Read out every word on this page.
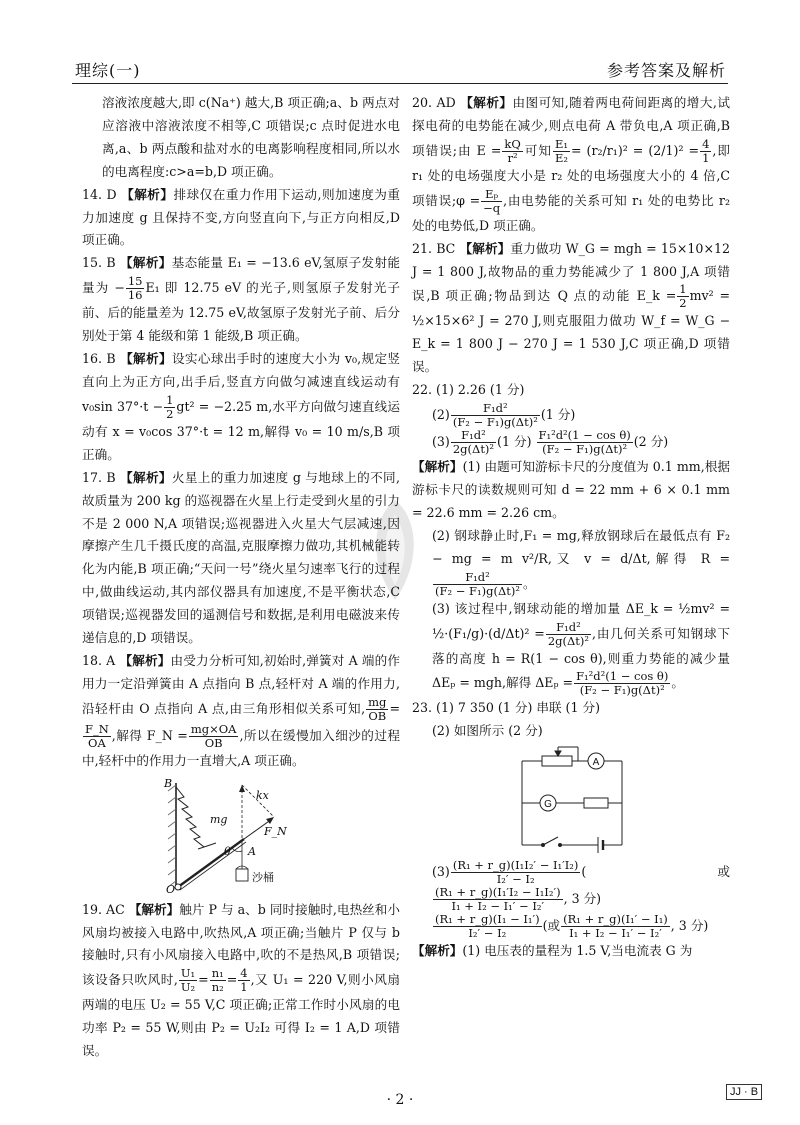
理综(一)	参考答案及解析

溶液浓度越大,即 c(Na⁺) 越大,B 项正确;a、b 两点对应溶液中溶液浓度不相等,C 项错误;c 点时促进水电离,a、b 两点酸和盐对水的电离影响程度相同,所以水的电离程度:c>a=b,D 项正确。

14. D 【解析】排球仅在重力作用下运动,则加速度为重力加速度 g 且保持不变,方向竖直向下,与正方向相反,D 项正确。

15. B 【解析】基态能量 E₁ = −13.6 eV,氢原子发射能量为 − $\frac{15}{16} E_1$ 即 12.75 eV 的光子,则氢原子发射光子前、后的能量差为 12.75 eV,故氢原子发射光子前、后分别处于第 4 能级和第 1 能级,B 项正确。

16. B 【解析】设实心球出手时的速度大小为 v₀,规定竖直向上为正方向,出手后,竖直方向做匀减速直线运动有 v₀sin $37^\circ\cdot t - \frac{1}{2} gt^2 = -2.25$ m,水平方向做匀速直线运动有 x = v₀cos 37°·t = 12 m,解得 v₀ = 10 m/s,B 项正确。

17. B 【解析】火星上的重力加速度 g 与地球上的不同,故质量为 200 kg 的巡视器在火星上行走受到火星的引力不是 2 000 N,A 项错误;巡视器进入火星大气层减速,因摩擦产生几千摄氏度的高温,克服摩擦力做功,其机械能转化为内能,B 项正确;“天问一号”绕火星匀速率飞行的过程中,做曲线运动,其内部仪器具有加速度,不是平衡状态,C 项错误;巡视器发回的遥测信号和数据,是利用电磁波来传递信息的,D 项错误。

18. A 【解析】由受力分析可知,初始时,弹簧对 A 端的作用力一定沿弹簧由 A 点指向 B 点,轻杆对 A 端的作用力,沿轻杆由 O 点指向 A 点,由三角形相似关系可知, $\frac{mg}{OB}$ =
$\frac{F\_N}{OA}$ ,解得 F_N = $\frac{mg\times OA}{OB}$ ,所以在缓慢加入细沙的过程中,轻杆中的作用力一直增大,A 项正确。

B
kx
mg
F_N
θ A
O
沙桶

19. AC 【解析】触片 P 与 a、b 同时接触时,电热丝和小风扇均被接入电路中,吹热风,A 项正确;当触片 P 仅与 b 接触时,只有小风扇接入电路中,吹的不是热风,B 项错误;该设备只吹风时, $\frac{\text{U₁}}{\text{U₂}} = \frac{\text{n₁}}{\text{n₂}} = \frac{4}{1}$ ,又 U₁ = 220 V,则小风扇两端的电压 U₂ = 55 V,C 项正确;正常工作时小风扇的电功率 P₂ = 55 W,则由 P₂ = U₂I₂ 可得 I₂ = 1 A,D 项错误。

20. AD 【解析】由图可知,随着两电荷间距离的增大,试探电荷的电势能在减少,则点电荷 A 带负电,A 项正确,B 项错误;由 $E = \frac{kQ}{\text{r²}}$ 可知 $\frac{\text{E₁}}{\text{E₂}} = (r_2/r_1)^2 = (2/1)^2 = \frac{4}{1}$ ,即 r₁ 处的电场强度大小是 r₂ 处的电场强度大小的 4 倍,C 项错误;φ = $\frac{\text{Eₚ}}{-q}$ ,由电势能的关系可知 r₁ 处的电势比 r₂ 处的电势低,D 项正确。

21. BC 【解析】重力做功 W_G = mgh = 15×10×12 J = 1 800 J,故物品的重力势能减少了 1 800 J,A 项错误,B 项正确;物品到达 Q 点的动能 E_k = $\frac{1}{2} mv^2$ = ½×15×6² J = 270 J,则克服阻力做功 W_f = W_G − E_k = 1 800 J − 270 J = 1 530 J,C 项正确,D 项错误。

22. (1) 2.26 (1 分)

$(2) \frac{\text{F₁d²}}{\text{(F₂ − F₁)g(Δt)²}} (1$ 分)

$(3) \frac{\text{F₁d²}}{\text{2g(Δt)²}} (1$ 分) $\frac{\text{F₁²d²(1 − cos θ)}}{\text{(F₂ − F₁)g(Δt)²}} (2$ 分)

【解析】(1) 由题可知游标卡尺的分度值为 0.1 mm,根据游标卡尺的读数规则可知 d = 22 mm + 6 × 0.1 mm = 22.6 mm = 2.26 cm。

(2) 钢球静止时,F₁ = mg,释放钢球后在最低点有 F₂ − mg = m v²/R,又 v = d/Δt,解得 R =
$\frac{\text{F₁d²}}{\text{(F₂ − F₁)g(Δt)²}}$ 。

(3) 该过程中,钢球动能的增加量 ΔE_k = ½mv² = ½·(F₁/g)·(d/Δt)² = $\frac{\text{F₁d²}}{\text{2g(Δt)²}}$ ,由几何关系可知钢球下落的高度 h = R(1 − cos θ),则重力势能的减少量 ΔEₚ = mgh,解得 $\Delta E_p = \frac{\text{F₁²d²(1 − cos θ)}}{\text{(F₂ − F₁)g(Δt)²}}$ 。

23. (1) 7 350 (1 分) 串联 (1 分)

(2) 如图所示 (2 分)

A
G

$(3) \frac{\text{(R₁ + r\_g)(I₁I₂′ − I₁′I₂)}}{\text{I₂′ − I₂}}$ (或
$\frac{\text{(R₁ + r\_g)(I₁′I₂ − I₁I₂′)}}{\text{I₁ + I₂ − I₁′ − I₂′}}$ , 3 分)

$\frac{\text{(R₁ + r\_g)(I₁ − I₁′)}}{\text{I₂′ − I₂}}$ (或 $\frac{\text{(R₁ + r\_g)(I₁′ − I₁)}}{\text{I₁ + I₂ − I₁′ − I₂′}}$ , 3 分)

【解析】(1) 电压表的量程为 1.5 V,当电流表 G 为

· 2 ·	JJ · B
